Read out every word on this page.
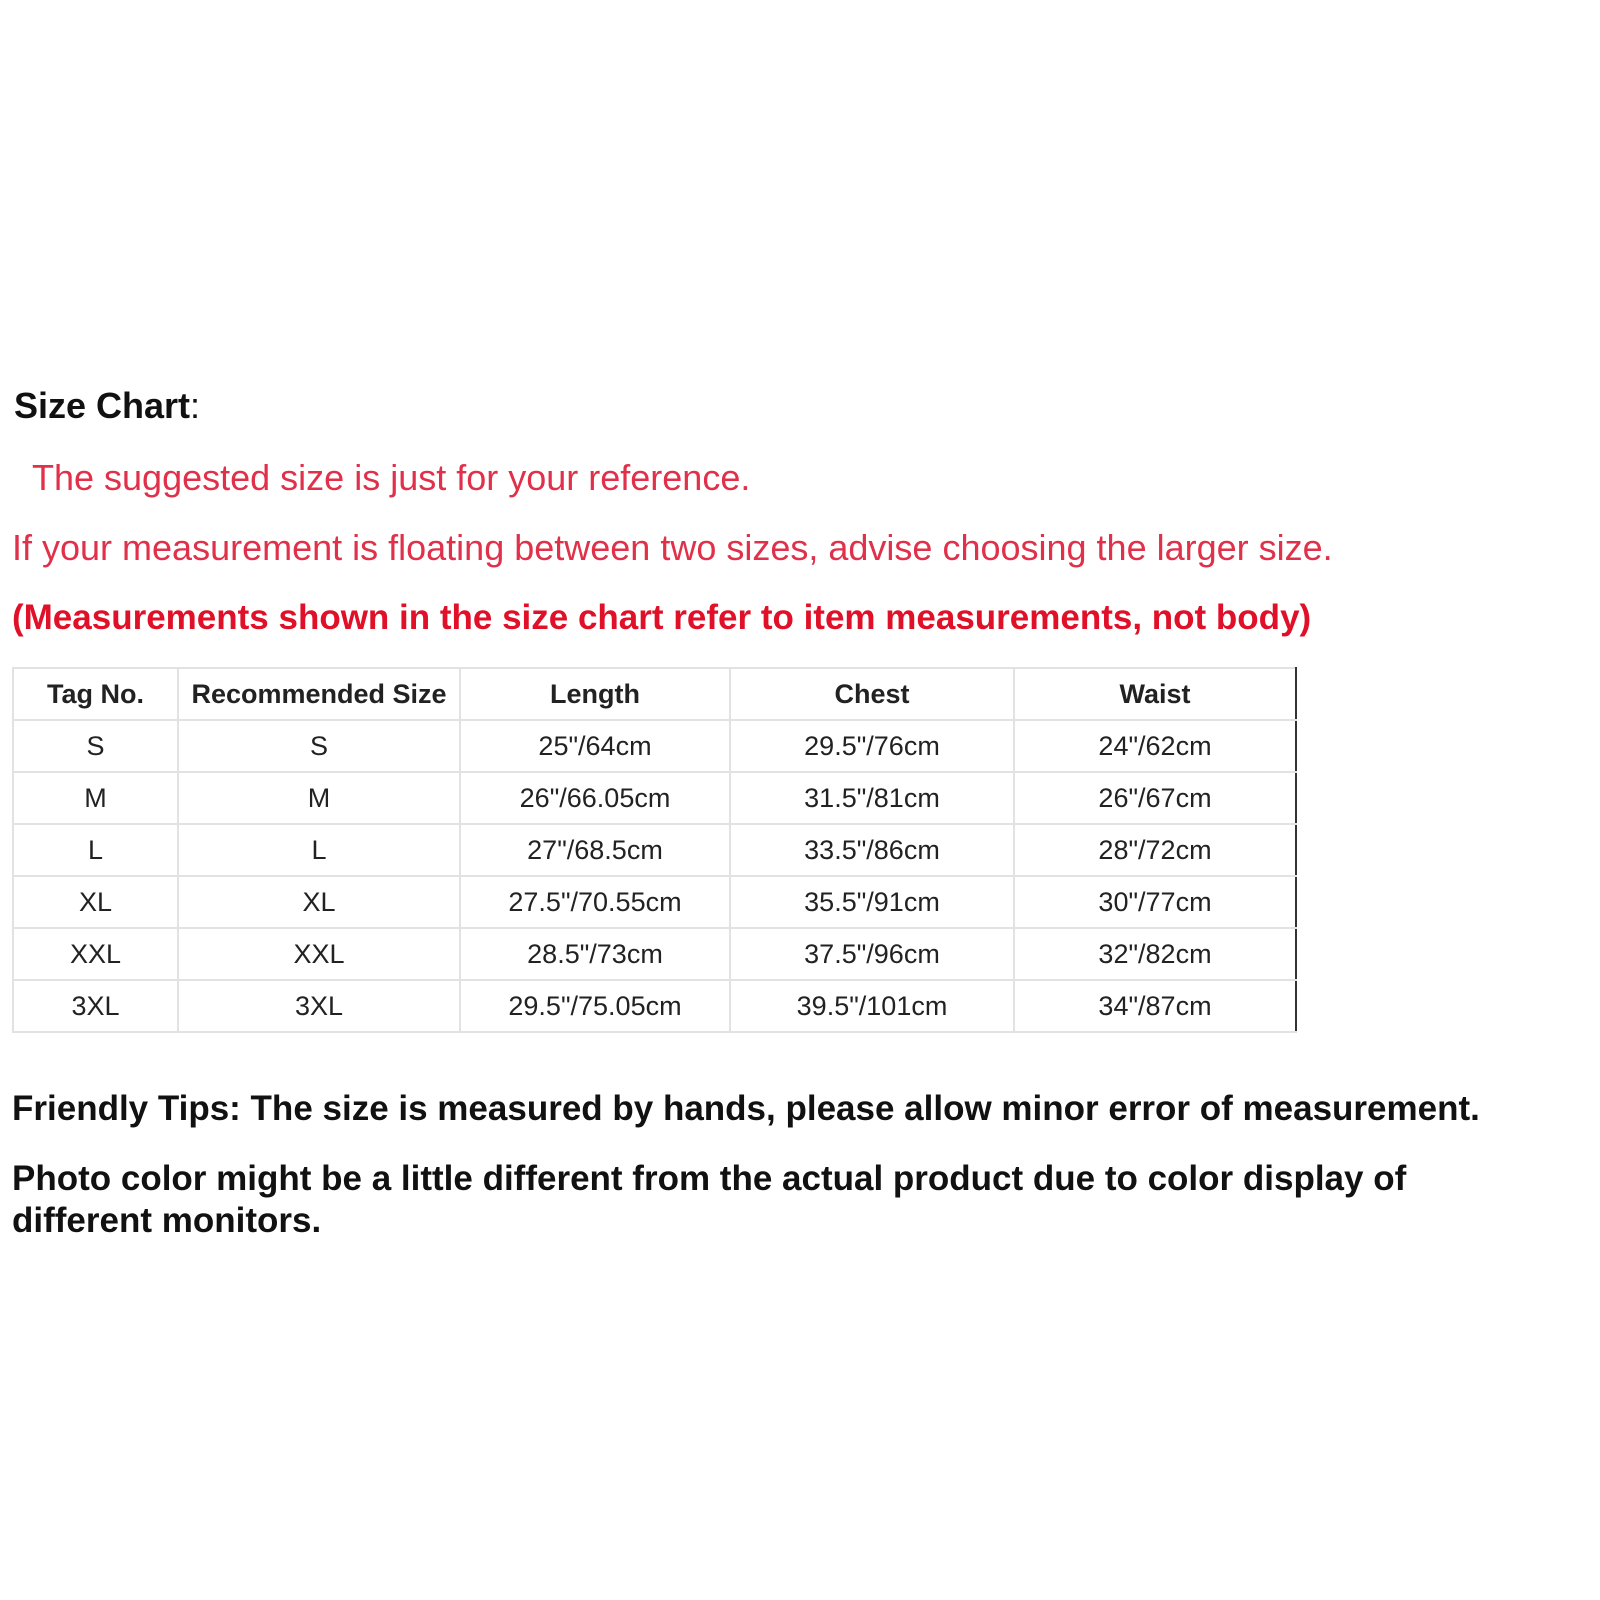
Size Chart:
The suggested size is just for your reference.
If your measurement is floating between two sizes, advise choosing the larger size.
(Measurements shown in the size chart refer to item measurements, not body)
Tag No.	Recommended Size	Length	Chest	Waist
S	S	25"/64cm	29.5"/76cm	24"/62cm
M	M	26"/66.05cm	31.5"/81cm	26"/67cm
L	L	27"/68.5cm	33.5"/86cm	28"/72cm
XL	XL	27.5"/70.55cm	35.5"/91cm	30"/77cm
XXL	XXL	28.5"/73cm	37.5"/96cm	32"/82cm
3XL	3XL	29.5"/75.05cm	39.5"/101cm	34"/87cm
Friendly Tips: The size is measured by hands, please allow minor error of measurement.
Photo color might be a little different from the actual product due to color display of different monitors.
